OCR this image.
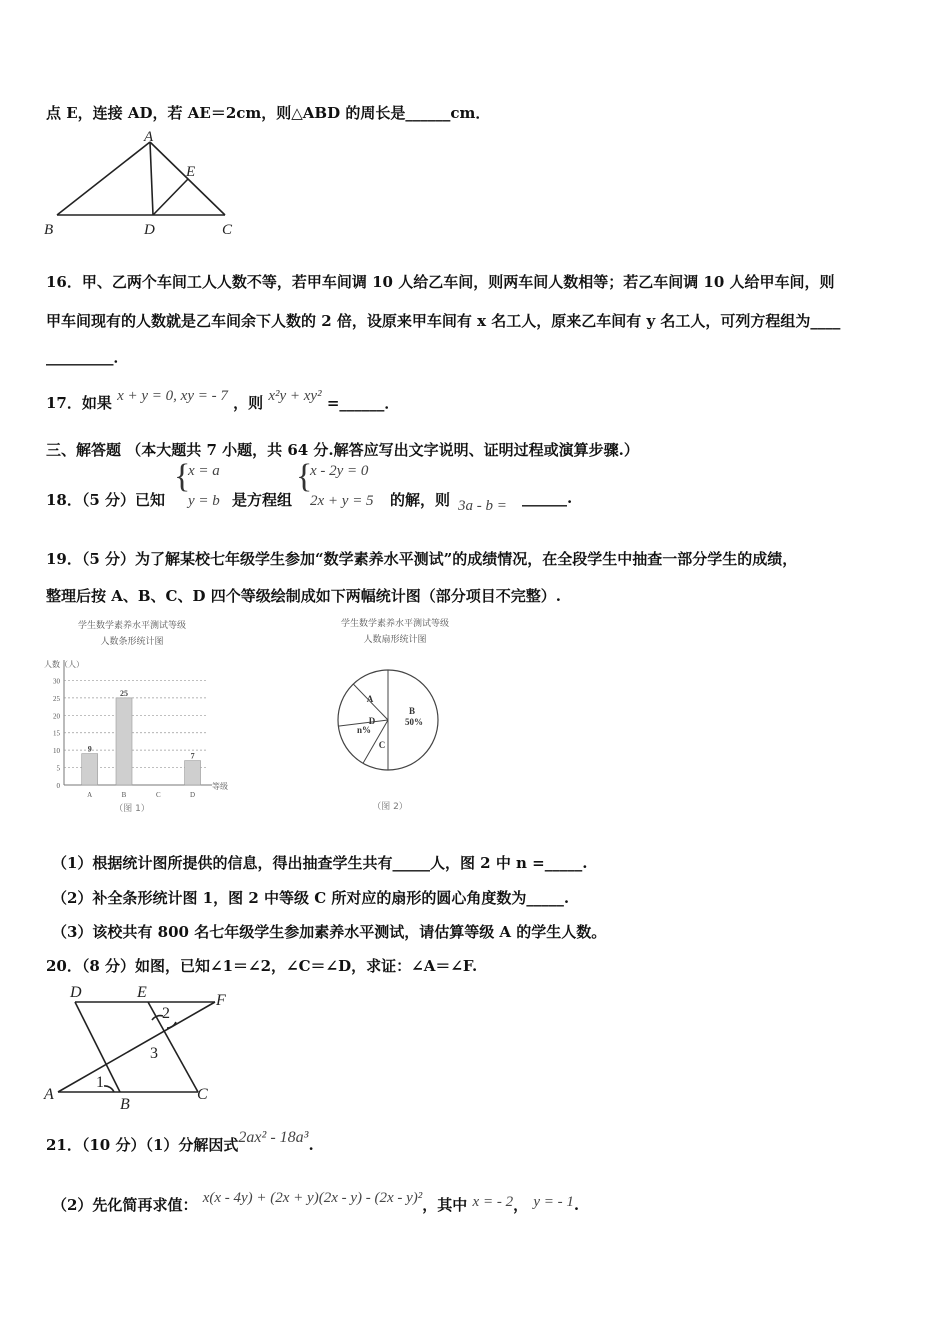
点 E，连接 AD，若 AE＝2cm，则△ABD 的周长是______cm．
A
E
B	D	C
16．甲、乙两个车间工人人数不等，若甲车间调 10 人给乙车间，则两车间人数相等；若乙车间调 10 人给甲车间，则
甲车间现有的人数就是乙车间余下人数的 2 倍，设原来甲车间有 x 名工人，原来乙车间有 y 名工人，可列方程组为____
_________．
17．如果 x + y = 0, xy = - 7 ，则 x²y + xy² =______．
三、解答题 （本大题共 7 小题，共 64 分.解答应写出文字说明、证明过程或演算步骤.）
18．（5 分）已知
{
x = a
y = b 是方程组
{
x - 2y = 0
2x + y = 5 的解，则 3a - b = ______.
19．（5 分）为了解某校七年级学生参加“数学素养水平测试”的成绩情况，在全段学生中抽查一部分学生的成绩，
整理后按 A、B、C、D 四个等级绘制成如下两幅统计图（部分项目不完整）.
学生数学素养水平测试等级
人数条形统计图
人数（人）
等级
（图 1）
0
5
10
15
20
25
30
9
A
25
B	C
7
D
学生数学素养水平测试等级
人数扇形统计图
B
50%
A
C
D
n%
（图 2）
（1）根据统计图所提供的信息，得出抽查学生共有_____人，图 2 中 n =_____.
（2）补全条形统计图 1，图 2 中等级 C 所对应的扇形的圆心角度数为_____.
（3）该校共有 800 名七年级学生参加素养水平测试，请估算等级 A 的学生人数。
20．（8 分）如图，已知∠1＝∠2，∠C＝∠D，求证：∠A＝∠F.
D	E	F
A
B
C
1
2
3
21．（10 分）（1）分解因式2ax² - 18a³.
（2）先化简再求值： x(x - 4y) + (2x + y)(2x - y) - (2x - y)²，其中 x = - 2， y = - 1.
